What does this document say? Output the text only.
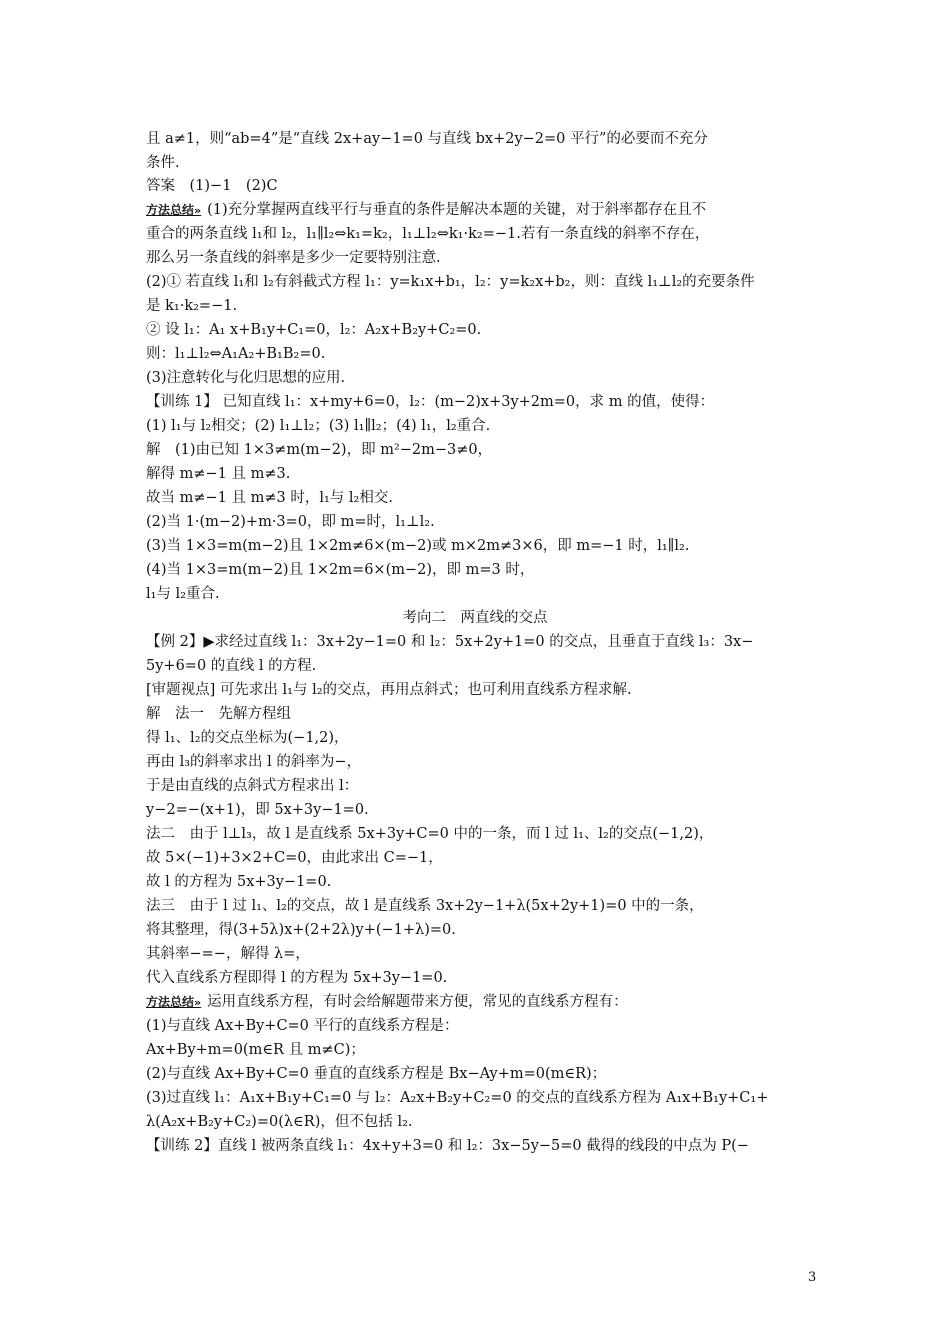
且 a≠1，则“ab=4”是“直线 2x+ay−1=0 与直线 bx+2y−2=0 平行”的必要而不充分
条件.
答案　(1)−1　(2)C
方法总结» (1)充分掌握两直线平行与垂直的条件是解决本题的关键，对于斜率都存在且不
重合的两条直线 l₁和 l₂，l₁∥l₂⇔k₁=k₂，l₁⊥l₂⇔k₁·k₂=−1.若有一条直线的斜率不存在，
那么另一条直线的斜率是多少一定要特别注意.
(2)① 若直线 l₁和 l₂有斜截式方程 l₁：y=k₁x+b₁，l₂：y=k₂x+b₂，则：直线 l₁⊥l₂的充要条件
是 k₁·k₂=−1.
② 设 l₁：A₁ x+B₁y+C₁=0，l₂：A₂x+B₂y+C₂=0.
则：l₁⊥l₂⇔A₁A₂+B₁B₂=0.
(3)注意转化与化归思想的应用.
【训练 1】 已知直线 l₁：x+my+6=0，l₂：(m−2)x+3y+2m=0，求 m 的值，使得：
(1) l₁与 l₂相交；(2) l₁⊥l₂；(3) l₁∥l₂；(4) l₁，l₂重合.
解　(1)由已知 1×3≠m(m−2)，即 m²−2m−3≠0，
解得 m≠−1 且 m≠3.
故当 m≠−1 且 m≠3 时，l₁与 l₂相交.
(2)当 1·(m−2)+m·3=0，即 m=时，l₁⊥l₂.
(3)当 1×3=m(m−2)且 1×2m≠6×(m−2)或 m×2m≠3×6，即 m=−1 时，l₁∥l₂.
(4)当 1×3=m(m−2)且 1×2m=6×(m−2)，即 m=3 时，
l₁与 l₂重合.
考向二　两直线的交点
【例 2】▶求经过直线 l₁：3x+2y−1=0 和 l₂：5x+2y+1=0 的交点，且垂直于直线 l₃：3x−
5y+6=0 的直线 l 的方程.
[审题视点] 可先求出 l₁与 l₂的交点，再用点斜式；也可利用直线系方程求解.
解　法一　先解方程组
得 l₁、l₂的交点坐标为(−1,2)，
再由 l₃的斜率求出 l 的斜率为−，
于是由直线的点斜式方程求出 l：
y−2=−(x+1)，即 5x+3y−1=0.
法二　由于 l⊥l₃，故 l 是直线系 5x+3y+C=0 中的一条，而 l 过 l₁、l₂的交点(−1,2)，
故 5×(−1)+3×2+C=0，由此求出 C=−1，
故 l 的方程为 5x+3y−1=0.
法三　由于 l 过 l₁、l₂的交点，故 l 是直线系 3x+2y−1+λ(5x+2y+1)=0 中的一条，
将其整理，得(3+5λ)x+(2+2λ)y+(−1+λ)=0.
其斜率−=−，解得 λ=，
代入直线系方程即得 l 的方程为 5x+3y−1=0.
方法总结» 运用直线系方程，有时会给解题带来方便，常见的直线系方程有：
(1)与直线 Ax+By+C=0 平行的直线系方程是：
Ax+By+m=0(m∈R 且 m≠C)；
(2)与直线 Ax+By+C=0 垂直的直线系方程是 Bx−Ay+m=0(m∈R)；
(3)过直线 l₁：A₁x+B₁y+C₁=0 与 l₂：A₂x+B₂y+C₂=0 的交点的直线系方程为 A₁x+B₁y+C₁+
λ(A₂x+B₂y+C₂)=0(λ∈R)，但不包括 l₂.
【训练 2】直线 l 被两条直线 l₁：4x+y+3=0 和 l₂：3x−5y−5=0 截得的线段的中点为 P(−
3
